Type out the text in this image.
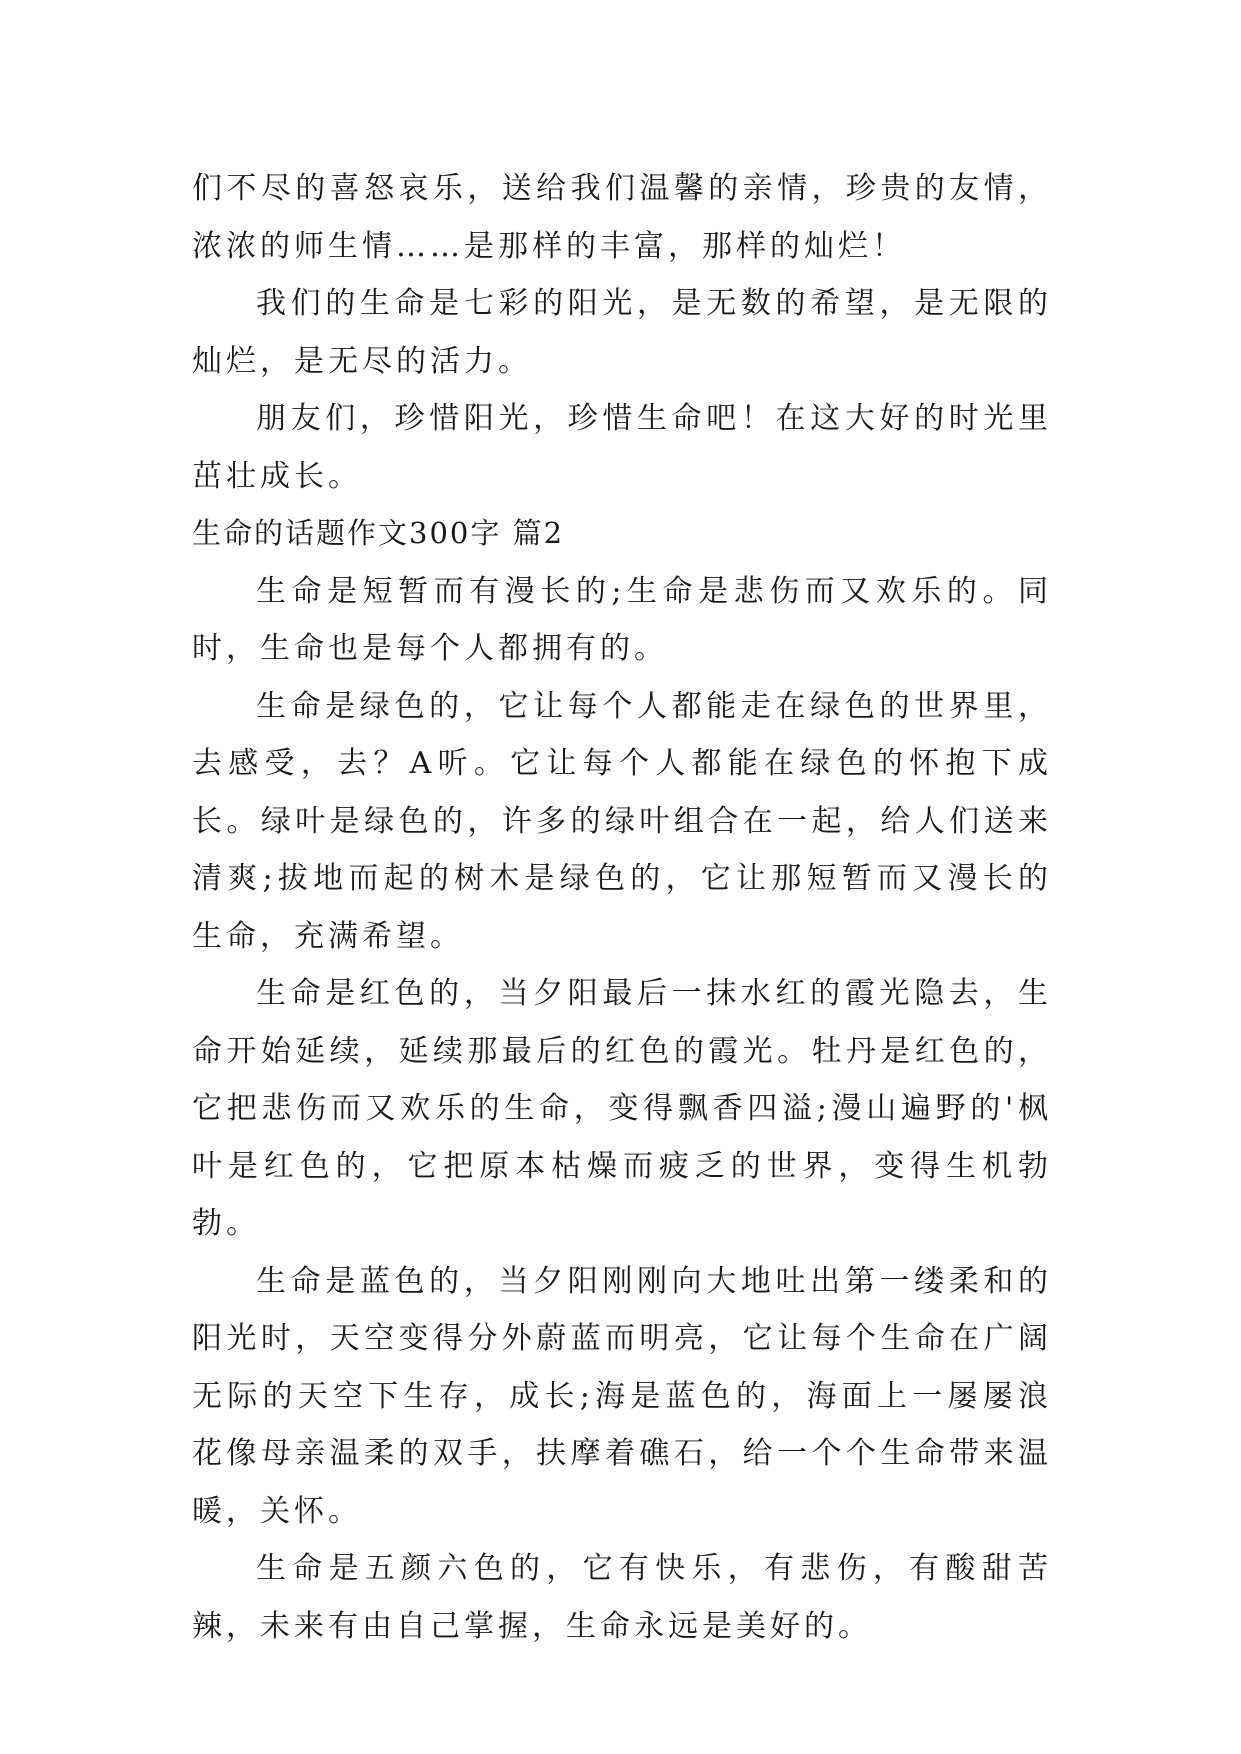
们不尽的喜怒哀乐，送给我们温馨的亲情，珍贵的友情，浓浓的师生情……是那样的丰富，那样的灿烂！

我们的生命是七彩的阳光，是无数的希望，是无限的灿烂，是无尽的活力。

朋友们，珍惜阳光，珍惜生命吧！在这大好的时光里茁壮成长。

生命的话题作文300字 篇2

生命是短暂而有漫长的;生命是悲伤而又欢乐的。同时，生命也是每个人都拥有的。

生命是绿色的，它让每个人都能走在绿色的世界里，去感受，去？A听。它让每个人都能在绿色的怀抱下成长。绿叶是绿色的，许多的绿叶组合在一起，给人们送来清爽;拔地而起的树木是绿色的，它让那短暂而又漫长的生命，充满希望。

生命是红色的，当夕阳最后一抹水红的霞光隐去，生命开始延续，延续那最后的红色的霞光。牡丹是红色的，它把悲伤而又欢乐的生命，变得飘香四溢;漫山遍野的'枫叶是红色的，它把原本枯燥而疲乏的世界，变得生机勃勃。

生命是蓝色的，当夕阳刚刚向大地吐出第一缕柔和的阳光时，天空变得分外蔚蓝而明亮，它让每个生命在广阔无际的天空下生存，成长;海是蓝色的，海面上一屡屡浪花像母亲温柔的双手，扶摩着礁石，给一个个生命带来温暖，关怀。

生命是五颜六色的，它有快乐，有悲伤，有酸甜苦辣，未来有由自己掌握，生命永远是美好的。
